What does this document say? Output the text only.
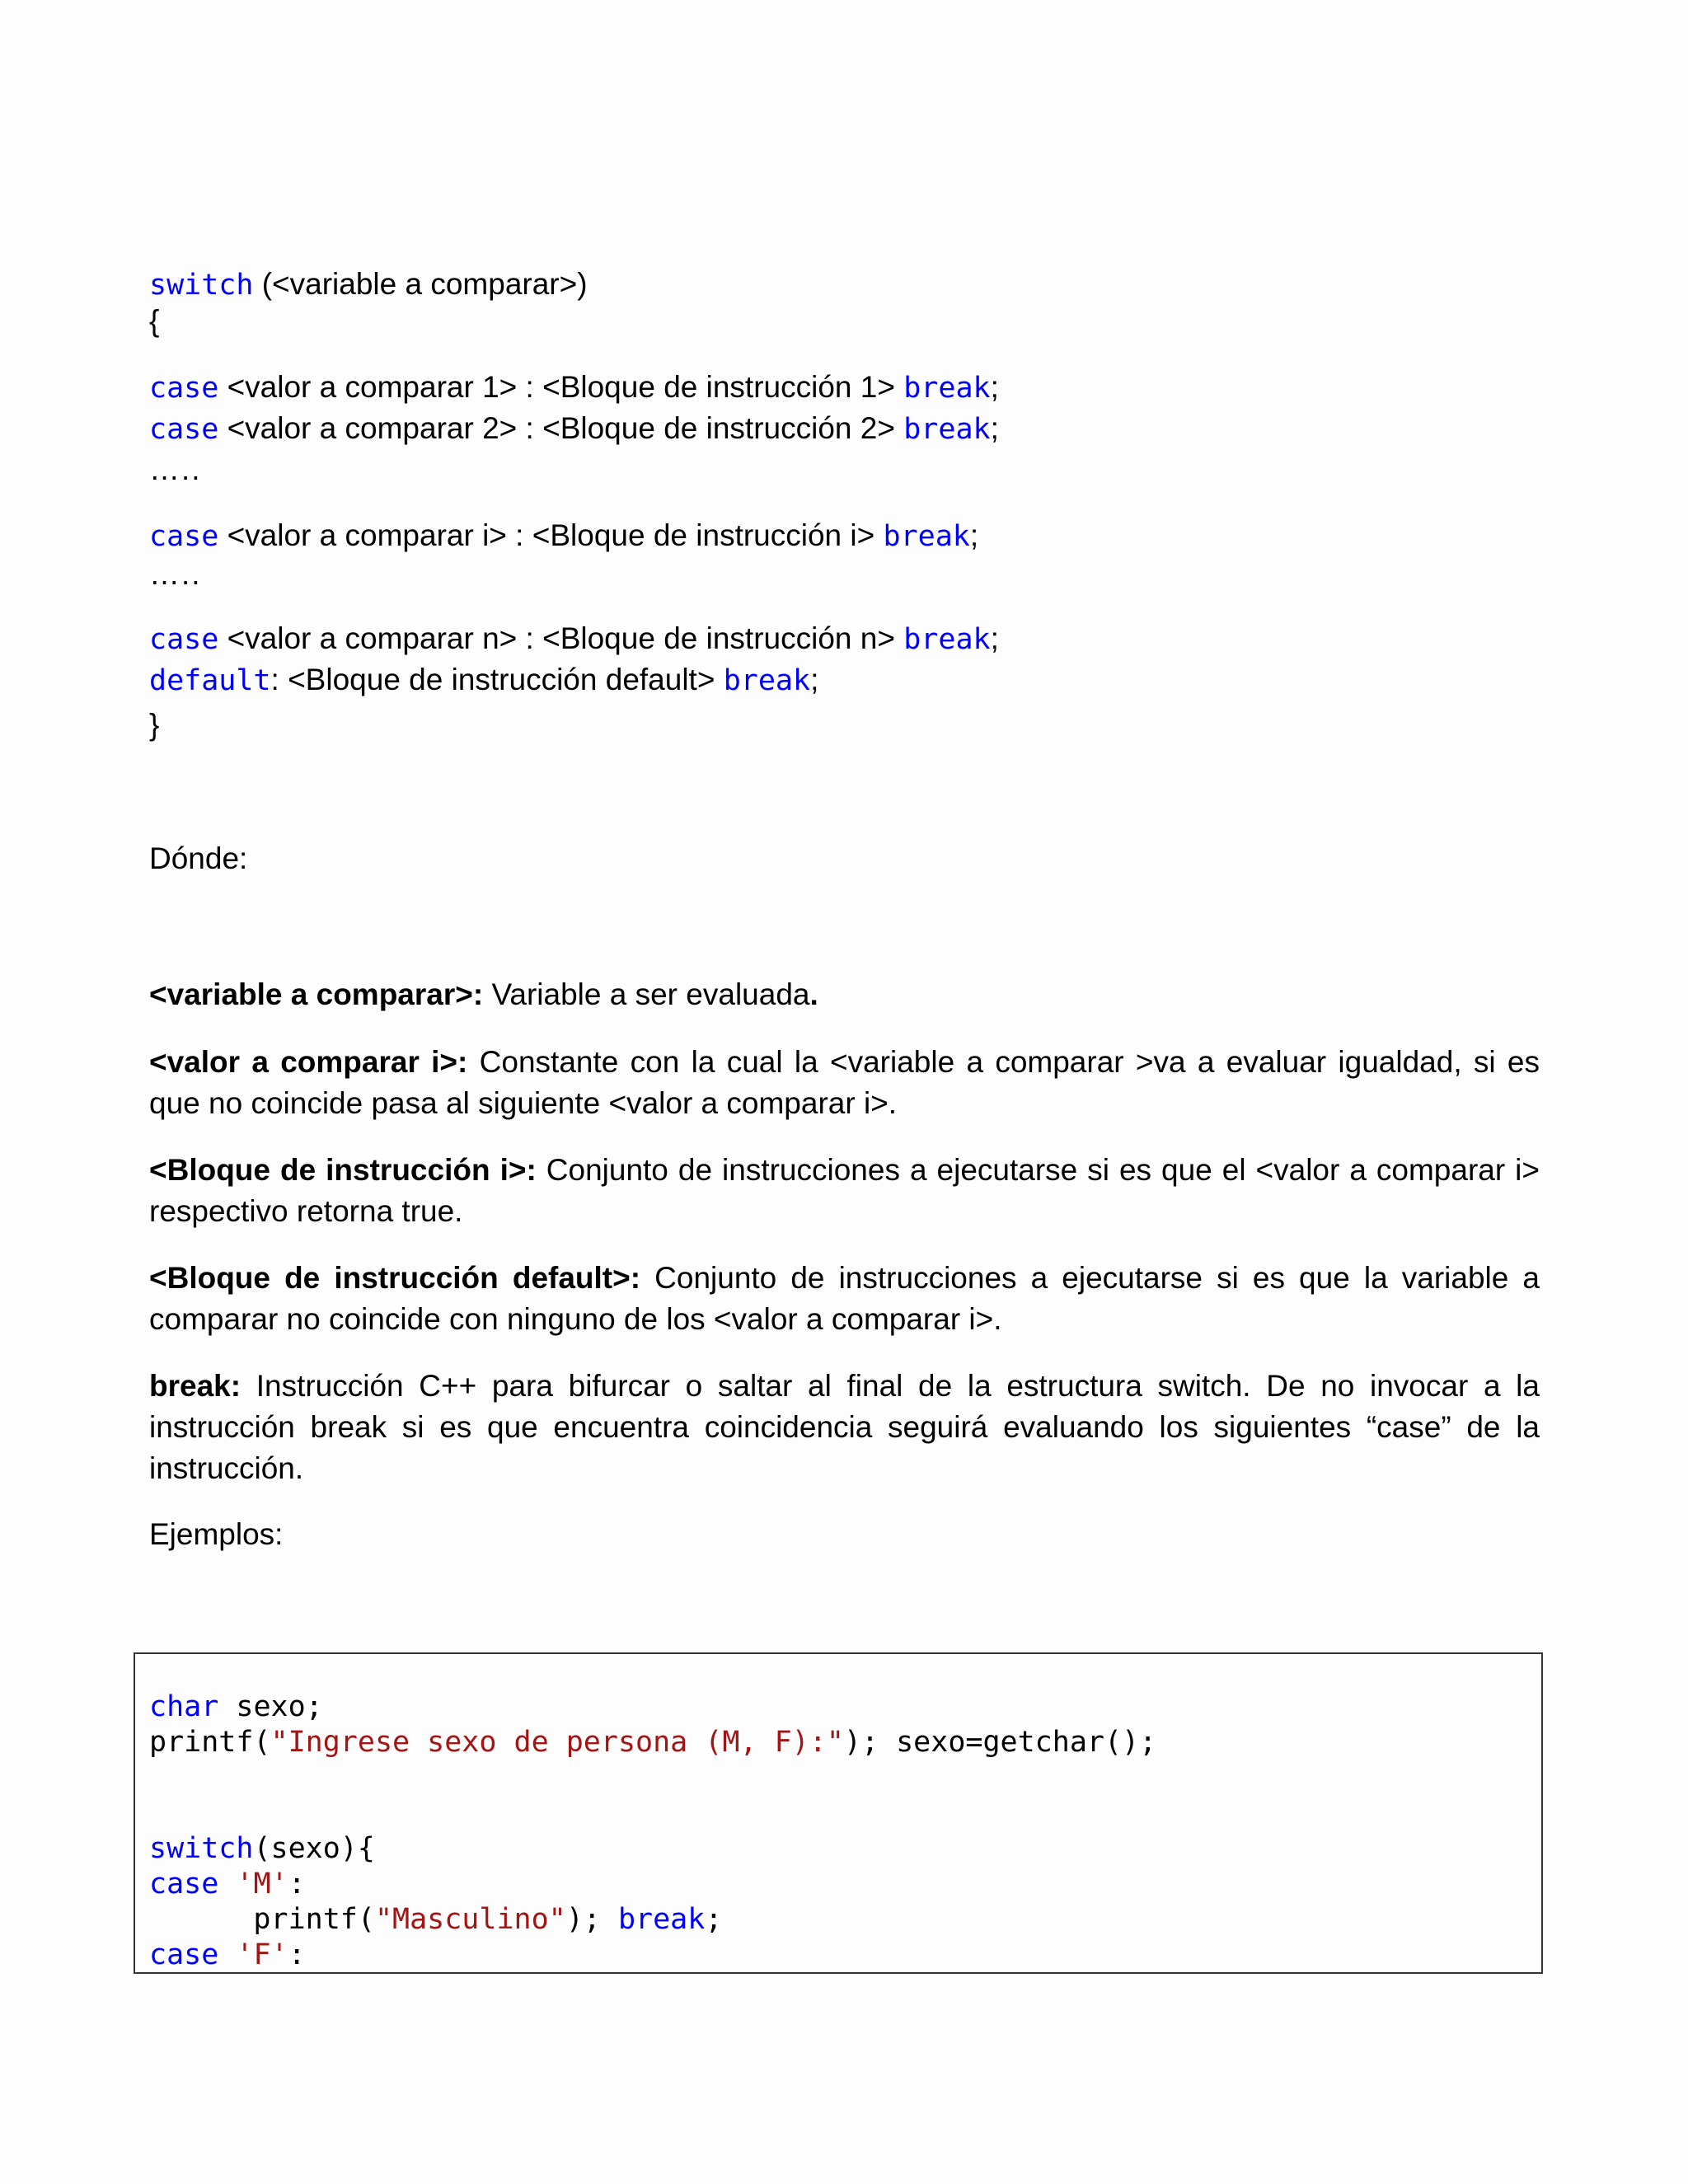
switch (<variable a comparar>)
{
case <valor a comparar 1> : <Bloque de instrucción 1> break;
case <valor a comparar 2> : <Bloque de instrucción 2> break;
…..
case <valor a comparar i> : <Bloque de instrucción i> break;
…..
case <valor a comparar n> : <Bloque de instrucción n> break;
default: <Bloque de instrucción default> break;
}
Dónde:
<variable a comparar>: Variable a ser evaluada.
<valor a comparar i>: Constante con la cual la <variable a comparar >va a evaluar igualdad, si es que no coincide pasa al siguiente <valor a comparar i>.
<Bloque de instrucción i>: Conjunto de instrucciones a ejecutarse si es que el <valor a comparar i> respectivo retorna true.
<Bloque de instrucción default>: Conjunto de instrucciones a ejecutarse si es que la variable a comparar no coincide con ninguno de los <valor a comparar i>.
break: Instrucción C++ para bifurcar o saltar al final de la estructura switch. De no invocar a la instrucción break si es que encuentra coincidencia seguirá evaluando los siguientes “case” de la instrucción.
Ejemplos:
char sexo;
printf("Ingrese sexo de persona (M, F):"); sexo=getchar();
switch(sexo){
case 'M':
printf("Masculino"); break;
case 'F':
